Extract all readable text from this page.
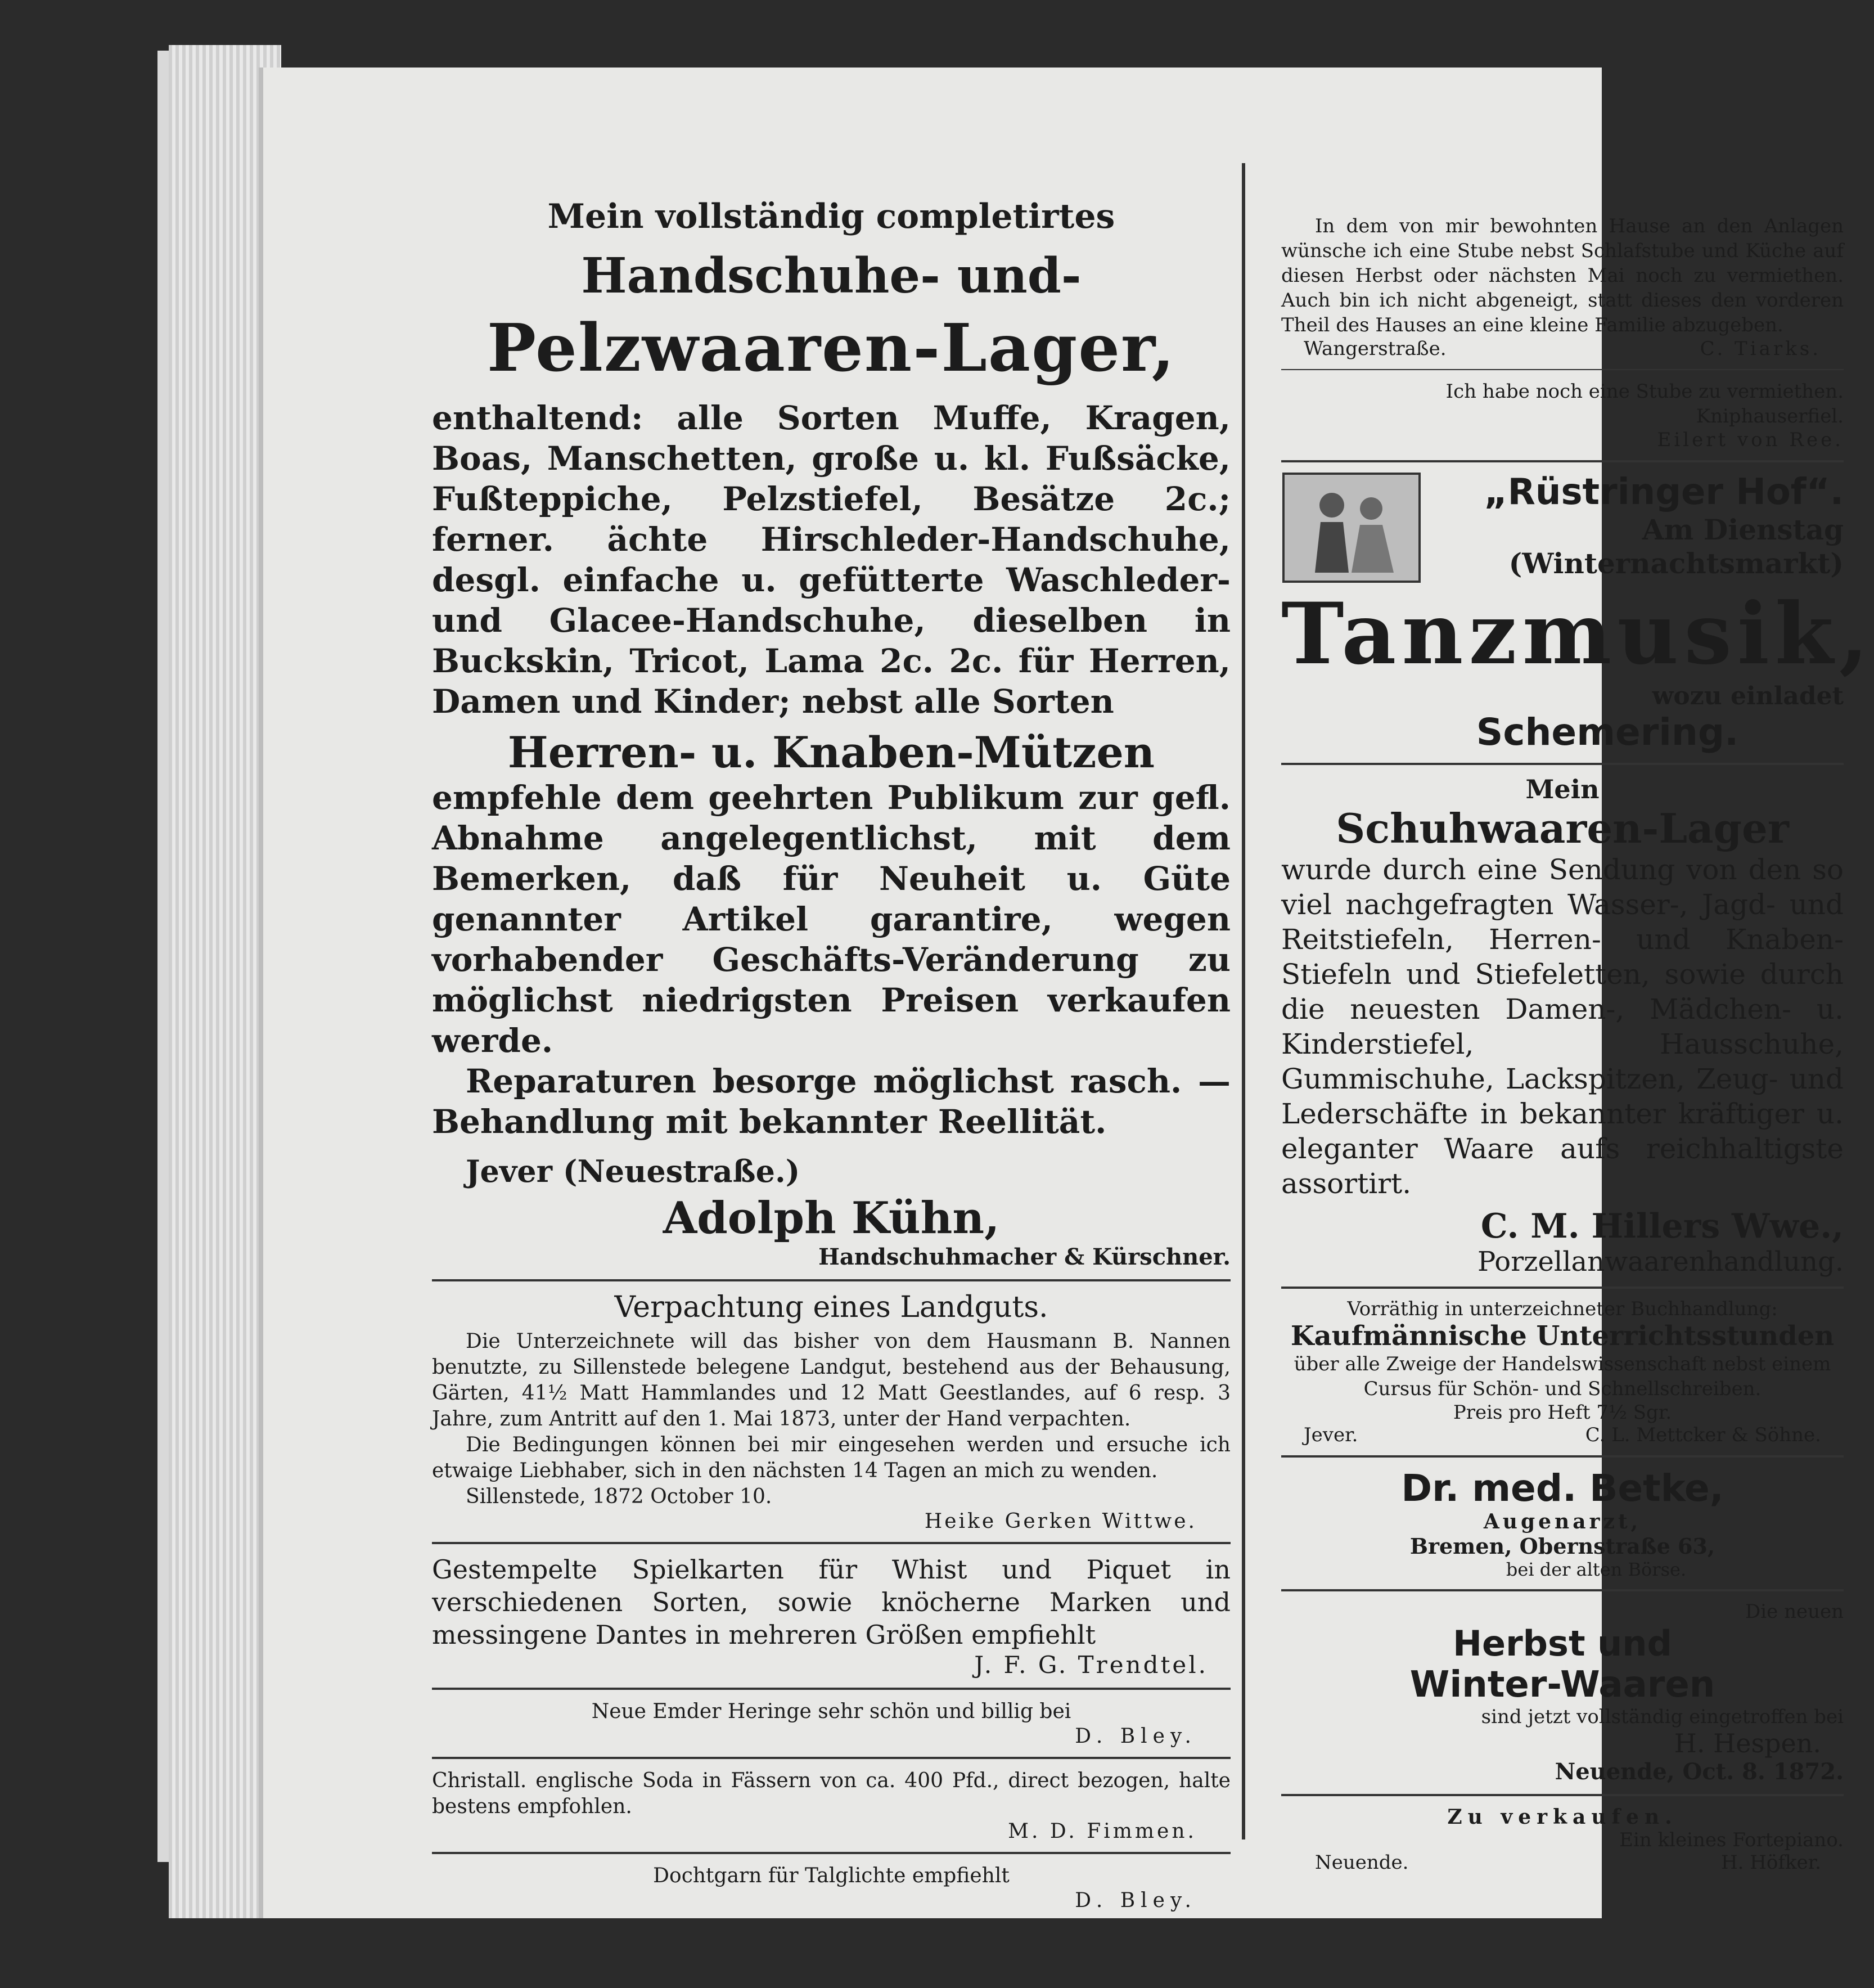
Mein vollständig completirtes

Handschuhe- und-

Pelzwaaren-Lager,

enthaltend: alle Sorten Muffe, Kragen, Boas, Manschetten, große u. kl. Fußsäcke, Fußteppiche, Pelzstiefel, Besätze 2c.; ferner. ächte Hirschleder-Handschuhe, desgl. einfache u. gefütterte Waschleder- und Glacee-Handschuhe, dieselben in Buckskin, Tricot, Lama 2c. 2c. für Herren, Damen und Kinder; nebst alle Sorten

Herren- u. Knaben-Mützen

empfehle dem geehrten Publikum zur gefl. Abnahme angelegentlichst, mit dem Bemerken, daß für Neuheit u. Güte genannter Artikel garantire, wegen vorhabender Geschäfts-Veränderung zu möglichst niedrigsten Preisen verkaufen werde.

Reparaturen besorge möglichst rasch. — Behandlung mit bekannter Reellität.

Jever (Neuestraße.)

Adolph Kühn,

Handschuhmacher & Kürschner.

Verpachtung eines Landguts.

Die Unterzeichnete will das bisher von dem Hausmann B. Nannen benutzte, zu Sillenstede belegene Landgut, bestehend aus der Behausung, Gärten, 41½ Matt Hammlandes und 12 Matt Geestlandes, auf 6 resp. 3 Jahre, zum Antritt auf den 1. Mai 1873, unter der Hand verpachten.

Die Bedingungen können bei mir eingesehen werden und ersuche ich etwaige Liebhaber, sich in den nächsten 14 Tagen an mich zu wenden.

Sillenstede, 1872 October 10.

Heike Gerken Wittwe.

Gestempelte Spielkarten für Whist und Piquet in verschiedenen Sorten, sowie knöcherne Marken und messingene Dantes in mehreren Größen empfiehlt

J. F. G. Trendtel.

Neue Emder Heringe sehr schön und billig bei

D. Bley.

Christall. englische Soda in Fässern von ca. 400 Pfd., direct bezogen, halte bestens empfohlen.

M. D. Fimmen.

Dochtgarn für Talglichte empfiehlt

D. Bley.

In dem von mir bewohnten Hause an den Anlagen wünsche ich eine Stube nebst Schlafstube und Küche auf diesen Herbst oder nächsten Mai noch zu vermiethen. Auch bin ich nicht abgeneigt, statt dieses den vorderen Theil des Hauses an eine kleine Familie abzugeben.

Wangerstraße.	C. Tiarks.

Ich habe noch eine Stube zu vermiethen.

Kniphauserfiel.

Eilert von Ree.

„Rüstringer Hof“.

Am Dienstag (Winternachtsmarkt)

Tanzmusik,

wozu einladet

Schemering.

Mein

Schuhwaaren-Lager

wurde durch eine Sendung von den so viel nachgefragten Wasser-, Jagd- und Reitstiefeln, Herren- und Knaben-Stiefeln und Stiefeletten, sowie durch die neuesten Damen-, Mädchen- u. Kinderstiefel, Hausschuhe, Gummischuhe, Lackspitzen, Zeug- und Lederschäfte in bekannter kräftiger u. eleganter Waare aufs reichhaltigste assortirt.

C. M. Hillers Wwe.,

Porzellanwaarenhandlung.

Vorräthig in unterzeichneter Buchhandlung:

Kaufmännische Unterrichtsstunden

über alle Zweige der Handelswissenschaft nebst einem Cursus für Schön- und Schnellschreiben.

Preis pro Heft 7½ Sgr.

Jever.	C. L. Mettcker & Söhne.

Dr. med. Betke,

Augenarzt,

Bremen, Obernstraße 63,

bei der alten Börse.

Die neuen

Herbst und

Winter-Waaren

sind jetzt vollständig eingetroffen bei

H. Hespen.

Neuende, Oct. 8. 1872.

Zu verkaufen.

Ein kleines Fortepiano.

Neuende.	H. Höfker.
